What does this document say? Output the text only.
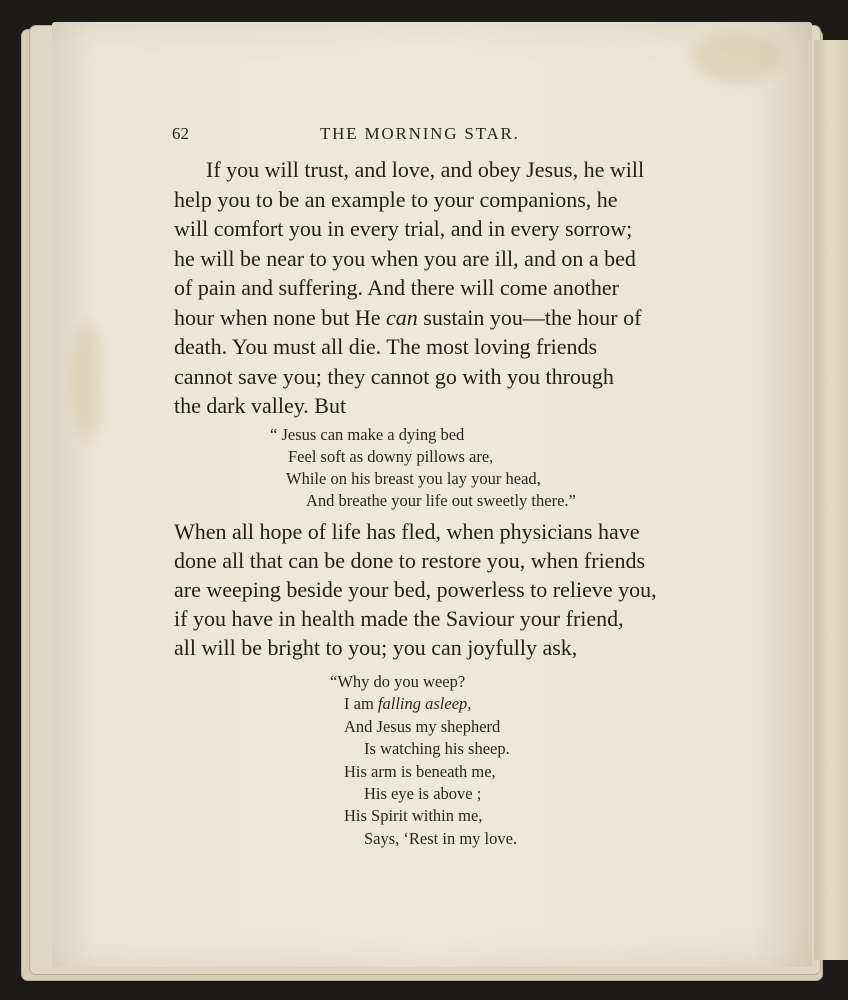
62	THE MORNING STAR.
If you will trust, and love, and obey Jesus, he will
help you to be an example to your companions, he
will comfort you in every trial, and in every sorrow;
he will be near to you when you are ill, and on a bed
of pain and suffering. And there will come another
hour when none but He can sustain you—the hour of
death. You must all die. The most loving friends
cannot save you; they cannot go with you through
the dark valley. But
“ Jesus can make a dying bed
Feel soft as downy pillows are,
While on his breast you lay your head,
And breathe your life out sweetly there.”
When all hope of life has fled, when physicians have
done all that can be done to restore you, when friends
are weeping beside your bed, powerless to relieve you,
if you have in health made the Saviour your friend,
all will be bright to you; you can joyfully ask,
“Why do you weep?
I am falling asleep,
And Jesus my shepherd
Is watching his sheep.
His arm is beneath me,
His eye is above ;
His Spirit within me,
Says, ‘Rest in my love.
